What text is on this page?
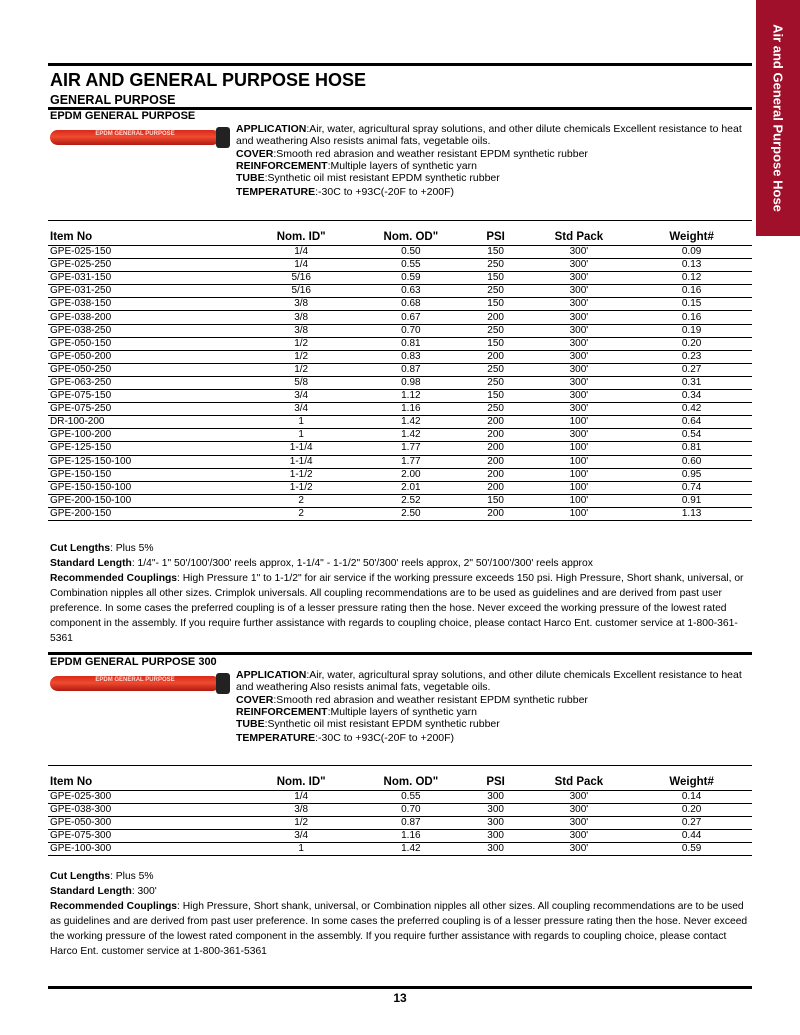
Air and General Purpose Hose
AIR AND GENERAL PURPOSE HOSE
GENERAL PURPOSE
EPDM GENERAL PURPOSE
EPDM GENERAL PURPOSE	APPLICATION:Air, water, agricultural spray solutions, and other dilute chemicals Excellent resistance to heat and weathering Also resists animal fats, vegetable oils.
COVER:Smooth red abrasion and weather resistant EPDM synthetic rubber
REINFORCEMENT:Multiple layers of synthetic yarn
TUBE:Synthetic oil mist resistant EPDM synthetic rubber
TEMPERATURE:-30C to +93C(-20F to +200F)
Item No	Nom. ID"	Nom. OD"	PSI	Std Pack	Weight#
GPE-025-150	1/4	0.50	150	300'	0.09
GPE-025-250	1/4	0.55	250	300'	0.13
GPE-031-150	5/16	0.59	150	300'	0.12
GPE-031-250	5/16	0.63	250	300'	0.16
GPE-038-150	3/8	0.68	150	300'	0.15
GPE-038-200	3/8	0.67	200	300'	0.16
GPE-038-250	3/8	0.70	250	300'	0.19
GPE-050-150	1/2	0.81	150	300'	0.20
GPE-050-200	1/2	0.83	200	300'	0.23
GPE-050-250	1/2	0.87	250	300'	0.27
GPE-063-250	5/8	0.98	250	300'	0.31
GPE-075-150	3/4	1.12	150	300'	0.34
GPE-075-250	3/4	1.16	250	300'	0.42
DR-100-200	1	1.42	200	100'	0.64
GPE-100-200	1	1.42	200	300'	0.54
GPE-125-150	1-1/4	1.77	200	100'	0.81
GPE-125-150-100	1-1/4	1.77	200	100'	0.60
GPE-150-150	1-1/2	2.00	200	100'	0.95
GPE-150-150-100	1-1/2	2.01	200	100'	0.74
GPE-200-150-100	2	2.52	150	100'	0.91
GPE-200-150	2	2.50	200	100'	1.13
Cut Lengths: Plus 5%
Standard Length: 1/4"- 1" 50'/100'/300' reels approx, 1-1/4" - 1-1/2" 50'/300' reels approx, 2" 50'/100'/300' reels approx
Recommended Couplings: High Pressure 1" to 1-1/2" for air service if the working pressure exceeds 150 psi. High Pressure, Short shank, universal, or Combination nipples all other sizes. Crimplok universals. All coupling recommendations are to be used as guidelines and are derived from past user preference. In some cases the preferred coupling is of a lesser pressure rating then the hose. Never exceed the working pressure of the lowest rated component in the assembly. If you require further assistance with regards to coupling choice, please contact Harco Ent. customer service at 1-800-361-5361
EPDM GENERAL PURPOSE 300
EPDM GENERAL PURPOSE	APPLICATION:Air, water, agricultural spray solutions, and other dilute chemicals Excellent resistance to heat and weathering Also resists animal fats, vegetable oils.
COVER:Smooth red abrasion and weather resistant EPDM synthetic rubber
REINFORCEMENT:Multiple layers of synthetic yarn
TUBE:Synthetic oil mist resistant EPDM synthetic rubber
TEMPERATURE:-30C to +93C(-20F to +200F)
Item No	Nom. ID"	Nom. OD"	PSI	Std Pack	Weight#
GPE-025-300	1/4	0.55	300	300'	0.14
GPE-038-300	3/8	0.70	300	300'	0.20
GPE-050-300	1/2	0.87	300	300'	0.27
GPE-075-300	3/4	1.16	300	300'	0.44
GPE-100-300	1	1.42	300	300'	0.59
Cut Lengths: Plus 5%
Standard Length: 300'
Recommended Couplings: High Pressure, Short shank, universal, or Combination nipples all other sizes. All coupling recommendations are to be used as guidelines and are derived from past user preference. In some cases the preferred coupling is of a lesser pressure rating then the hose. Never exceed the working pressure of the lowest rated component in the assembly. If you require further assistance with regards to coupling choice, please contact Harco Ent. customer service at 1-800-361-5361
13
